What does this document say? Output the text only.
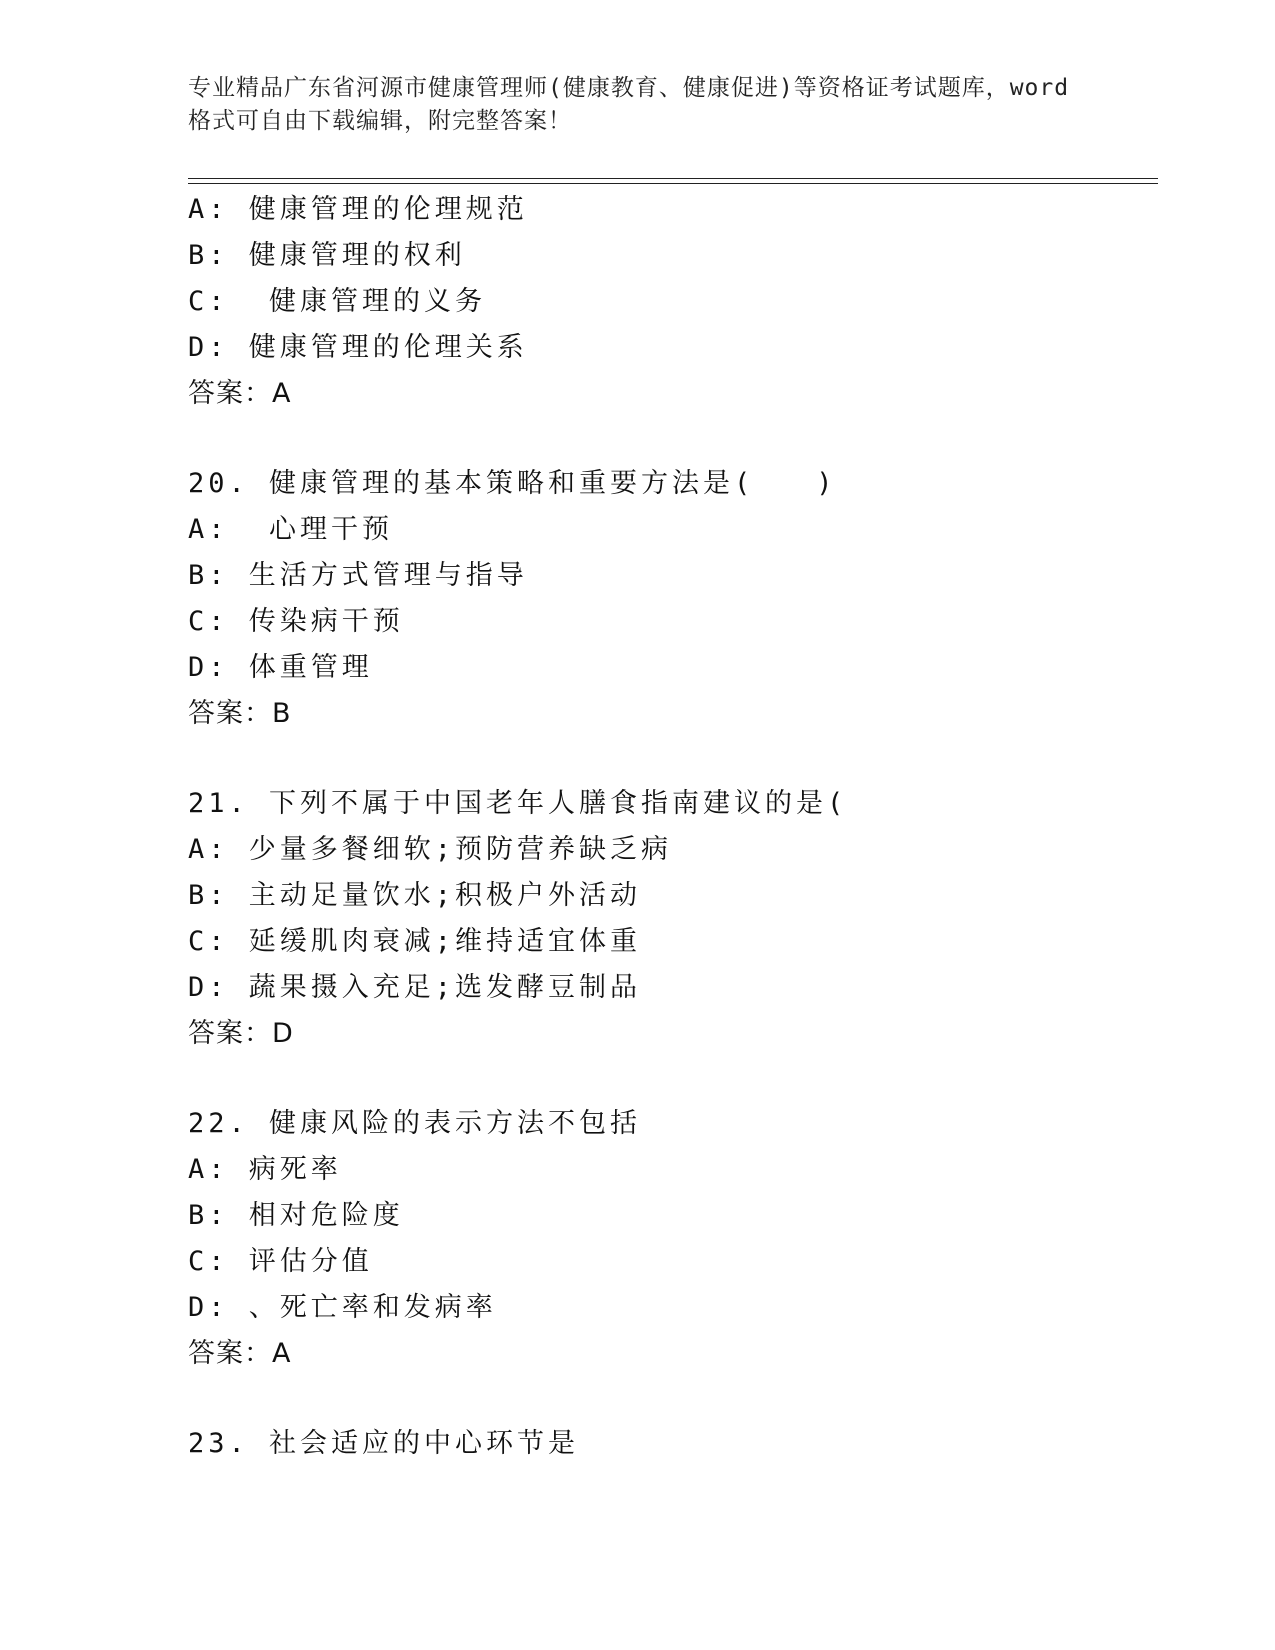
专业精品广东省河源市健康管理师(健康教育、健康促进)等资格证考试题库，word
格式可自由下载编辑，附完整答案！
A: 健康管理的伦理规范
B: 健康管理的权利
C:  健康管理的义务
D: 健康管理的伦理关系
答案：A
20. 健康管理的基本策略和重要方法是(　　)
A:  心理干预
B: 生活方式管理与指导
C: 传染病干预
D: 体重管理
答案：B
21. 下列不属于中国老年人膳食指南建议的是(
A: 少量多餐细软;预防营养缺乏病
B: 主动足量饮水;积极户外活动
C: 延缓肌肉衰减;维持适宜体重
D: 蔬果摄入充足;选发酵豆制品
答案：D
22. 健康风险的表示方法不包括
A: 病死率
B: 相对危险度
C: 评估分值
D: 、死亡率和发病率
答案：A
23. 社会适应的中心环节是
